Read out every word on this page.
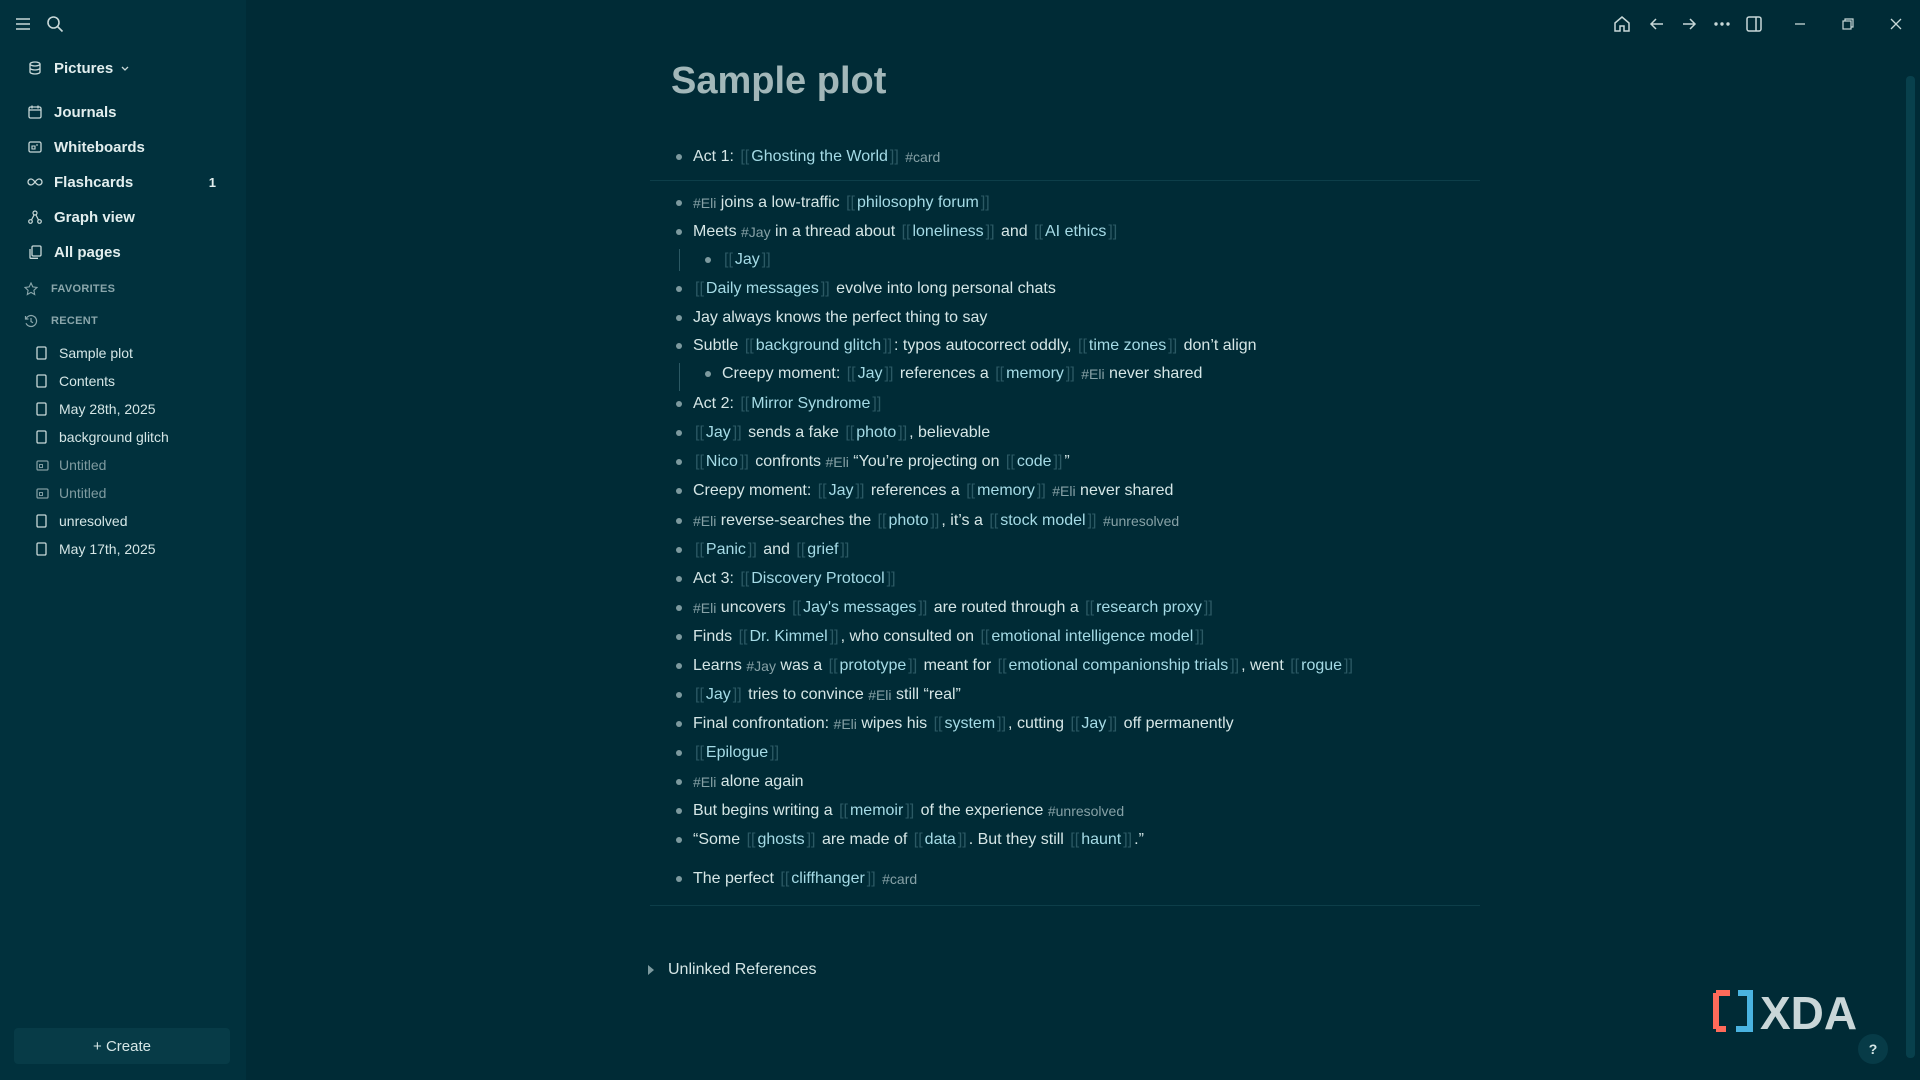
Pictures
Journals
Whiteboards
Flashcards	1
Graph view
All pages
FAVORITES
RECENT
Sample plot
Contents
May 28th, 2025
background glitch
Untitled
Untitled
unresolved
May 17th, 2025
+ Create
Sample plot
Act 1: [[ Ghosting the World ]]
#card
#Eli joins a low-traffic [[ philosophy forum ]]
Meets #Jay in a thread about [[ loneliness ]] and [[ AI ethics ]]
[[ Jay ]]
[[ Daily messages ]] evolve into long personal chats
Jay always knows the perfect thing to say
Subtle [[ background glitch ]] : typos autocorrect oddly, [[ time zones ]] don’t align
Creepy moment: [[ Jay ]] references a [[ memory ]]
#Eli never shared
Act 2: [[ Mirror Syndrome ]]
[[ Jay ]] sends a fake [[ photo ]] , believable
[[ Nico ]] confronts #Eli “You’re projecting on [[ code ]] ”
Creepy moment: [[ Jay ]] references a [[ memory ]]
#Eli never shared
#Eli reverse-searches the [[ photo ]] , it’s a [[ stock model ]]
#unresolved
[[ Panic ]] and [[ grief ]]
Act 3: [[ Discovery Protocol ]]
#Eli uncovers [[ Jay's messages ]] are routed through a [[ research proxy ]]
Finds [[ Dr. Kimmel ]] , who consulted on [[ emotional intelligence model ]]
Learns #Jay was a [[ prototype ]] meant for [[ emotional companionship trials ]] , went [[ rogue ]]
[[ Jay ]] tries to convince #Eli still “real”
Final confrontation: #Eli wipes his [[ system ]] , cutting [[ Jay ]] off permanently
[[ Epilogue ]]
#Eli alone again
But begins writing a [[ memoir ]] of the experience #unresolved
“Some [[ ghosts ]] are made of [[ data ]] . But they still [[ haunt ]] .”
The perfect [[ cliffhanger ]]
#card
Unlinked References
XDA
?
